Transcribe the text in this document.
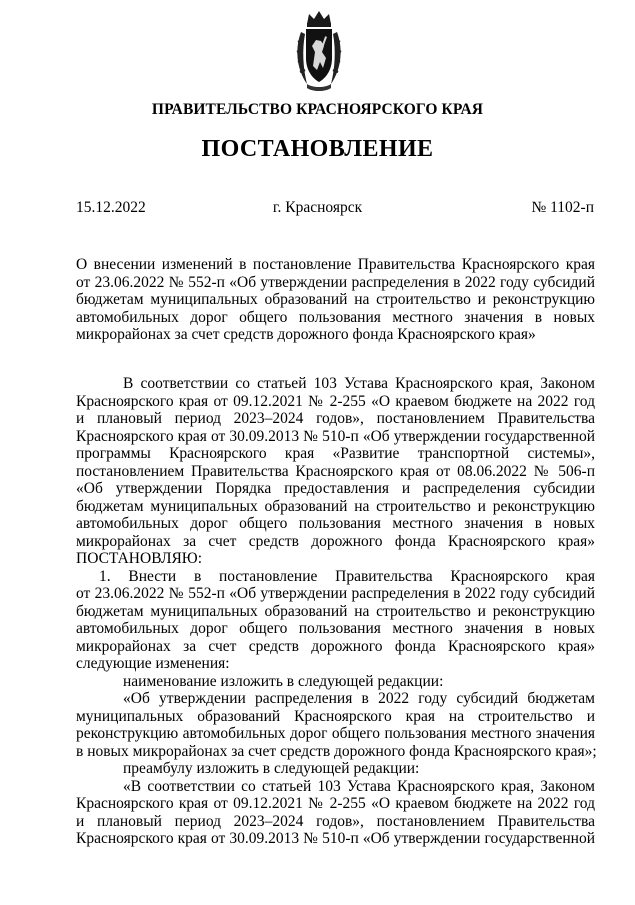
ПРАВИТЕЛЬСТВО КРАСНОЯРСКОГО КРАЯ
ПОСТАНОВЛЕНИЕ
15.12.2022	г. Красноярск	№ 1102-п
О внесении изменений в постановление Правительства Красноярского края
от 23.06.2022 № 552-п «Об утверждении распределения в 2022 году субсидий
бюджетам муниципальных образований на строительство и реконструкцию
автомобильных дорог общего пользования местного значения в новых
микрорайонах за счет средств дорожного фонда Красноярского края»
В соответствии со статьей 103 Устава Красноярского края, Законом
Красноярского края от 09.12.2021 № 2-255 «О краевом бюджете на 2022 год
и плановый период 2023–2024 годов», постановлением Правительства
Красноярского края от 30.09.2013 № 510-п «Об утверждении государственной
программы Красноярского края «Развитие транспортной системы»,
постановлением Правительства Красноярского края от 08.06.2022 № 506-п
«Об утверждении Порядка предоставления и распределения субсидии
бюджетам муниципальных образований на строительство и реконструкцию
автомобильных дорог общего пользования местного значения в новых
микрорайонах за счет средств дорожного фонда Красноярского края»
ПОСТАНОВЛЯЮ:
1. Внести в постановление Правительства Красноярского края
от 23.06.2022 № 552-п «Об утверждении распределения в 2022 году субсидий
бюджетам муниципальных образований на строительство и реконструкцию
автомобильных дорог общего пользования местного значения в новых
микрорайонах за счет средств дорожного фонда Красноярского края»
следующие изменения:
наименование изложить в следующей редакции:
«Об утверждении распределения в 2022 году субсидий бюджетам
муниципальных образований Красноярского края на строительство и
реконструкцию автомобильных дорог общего пользования местного значения
в новых микрорайонах за счет средств дорожного фонда Красноярского края»;
преамбулу изложить в следующей редакции:
«В соответствии со статьей 103 Устава Красноярского края, Законом
Красноярского края от 09.12.2021 № 2-255 «О краевом бюджете на 2022 год
и плановый период 2023–2024 годов», постановлением Правительства
Красноярского края от 30.09.2013 № 510-п «Об утверждении государственной
